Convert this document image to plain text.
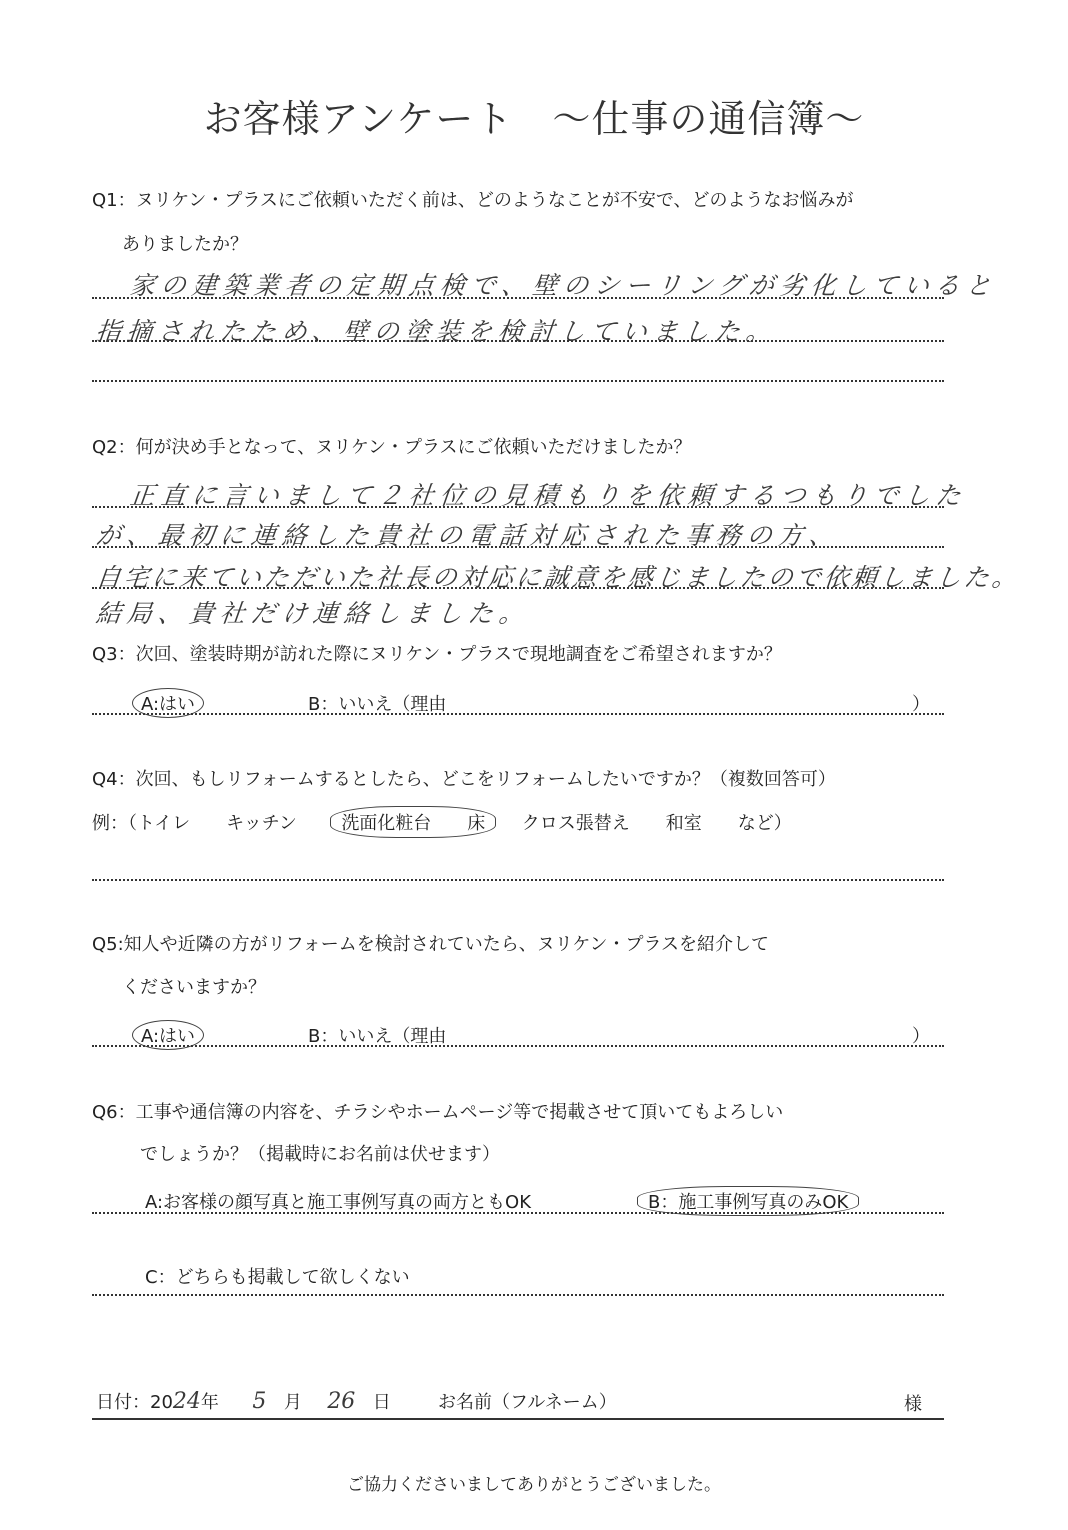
お客様アンケート　～仕事の通信簿～
Q1：ヌリケン・プラスにご依頼いただく前は、どのようなことが不安で、どのようなお悩みが
ありましたか？
家の建築業者の定期点検で、壁のシーリングが劣化していると
指摘されたため、壁の塗装を検討していました。
Q2：何が決め手となって、ヌリケン・プラスにご依頼いただけましたか？
正直に言いまして２社位の見積もりを依頼するつもりでした
が、最初に連絡した貴社の電話対応された事務の方、
自宅に来ていただいた社長の対応に誠意を感じましたので依頼しました。
結局、貴社だけ連絡しました。
Q3：次回、塗装時期が訪れた際にヌリケン・プラスで現地調査をご希望されますか？
A:はい	B：いいえ（理由	）
Q4：次回、もしリフォームするとしたら、どこをリフォームしたいですか？（複数回答可）
例：（トイレ　　キッチン 洗面化粧台　　床 クロス張替え　　和室　　など）
Q5:知人や近隣の方がリフォームを検討されていたら、ヌリケン・プラスを紹介して
くださいますか？
A:はい	B：いいえ（理由	）
Q6：工事や通信簿の内容を、チラシやホームページ等で掲載させて頂いてもよろしい
でしょうか？（掲載時にお名前は伏せます）
A:お客様の顔写真と施工事例写真の両方ともOK	B：施工事例写真のみOK
C：どちらも掲載して欲しくない
日付：2024年 5 月 26 日	お名前（フルネーム）	様
ご協力くださいましてありがとうございました。
